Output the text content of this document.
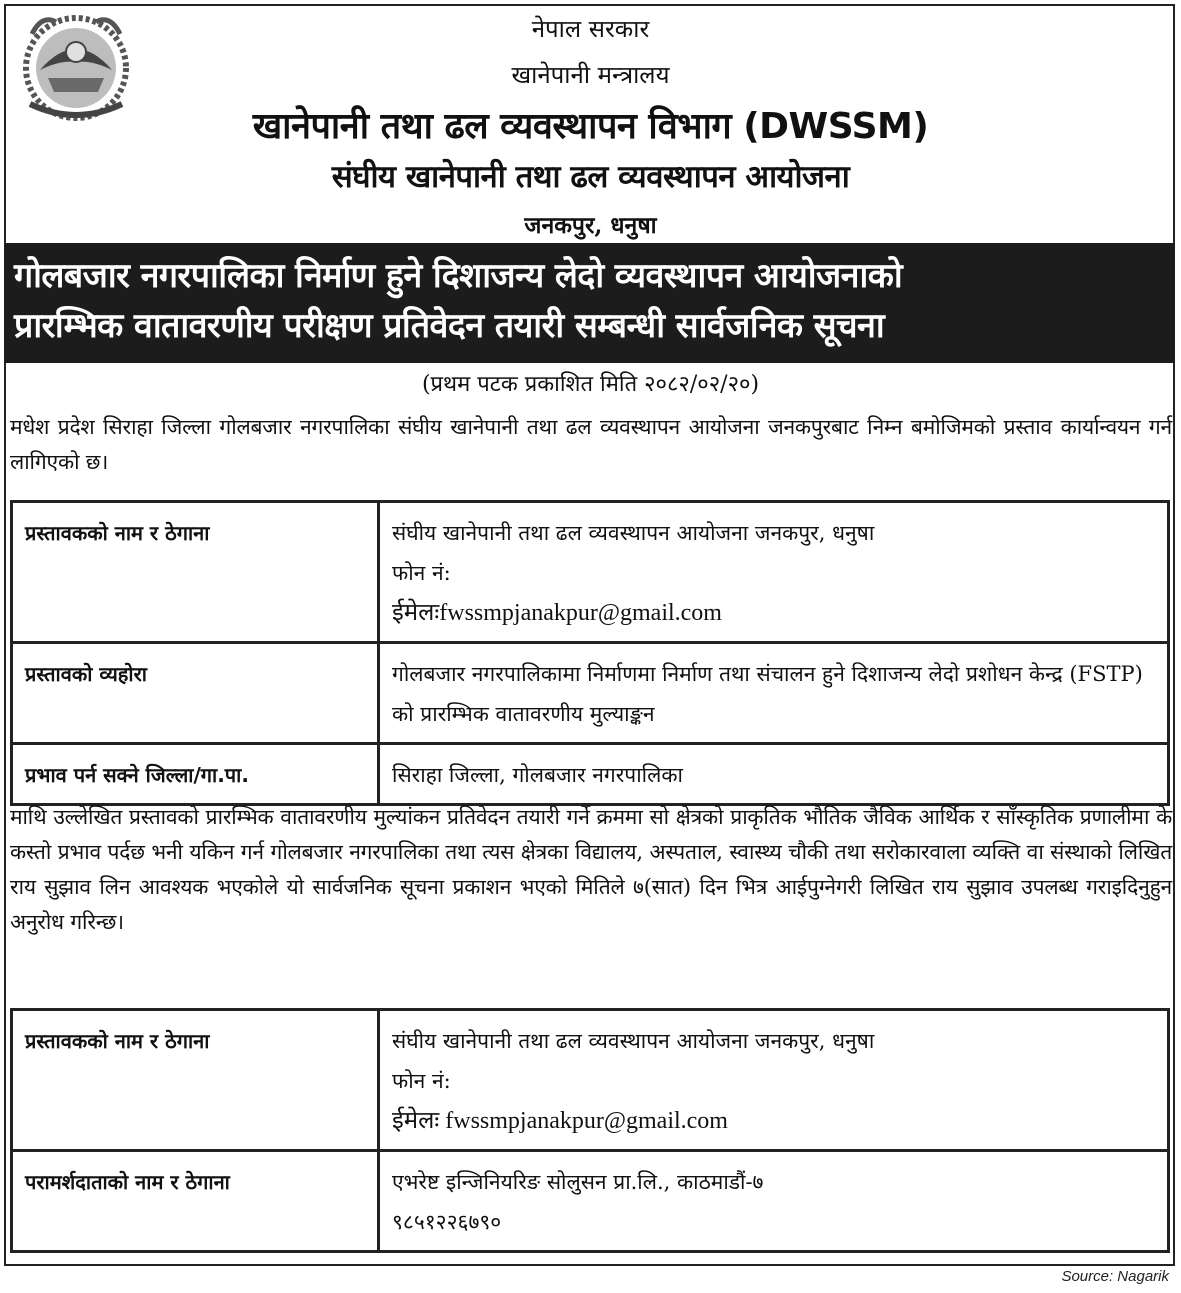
नेपाल सरकार
खानेपानी मन्त्रालय
खानेपानी तथा ढल व्यवस्थापन विभाग (DWSSM)
संघीय खानेपानी तथा ढल व्यवस्थापन आयोजना
जनकपुर, धनुषा
गोलबजार नगरपालिका निर्माण हुने दिशाजन्य लेदो व्यवस्थापन आयोजनाको
प्रारम्भिक वातावरणीय परीक्षण प्रतिवेदन तयारी सम्बन्धी सार्वजनिक सूचना
(प्रथम पटक प्रकाशित मिति २०८२/०२/२०)
मधेश प्रदेश सिराहा जिल्ला गोलबजार नगरपालिका संघीय खानेपानी तथा ढल व्यवस्थापन आयोजना जनकपुरबाट निम्न बमोजिमको प्रस्ताव कार्यान्वयन गर्न लागिएको छ।
प्रस्तावकको नाम र ठेगाना	संघीय खानेपानी तथा ढल व्यवस्थापन आयोजना जनकपुर, धनुषा
फोन नं:
ईमेलःfwssmpjanakpur@gmail.com

प्रस्तावको व्यहोरा	गोलबजार नगरपालिकामा निर्माणमा निर्माण तथा संचालन हुने दिशाजन्य लेदो प्रशोधन केन्द्र (FSTP) को प्रारम्भिक वातावरणीय मुल्याङ्कन
प्रभाव पर्न सक्ने जिल्ला/गा.पा.	सिराहा जिल्ला, गोलबजार नगरपालिका
माथि उल्लेखित प्रस्तावको प्रारम्भिक वातावरणीय मुल्यांकन प्रतिवेदन तयारी गर्ने क्रममा सो क्षेत्रको प्राकृतिक भौतिक जैविक आर्थिक र साँस्कृतिक प्रणालीमा के कस्तो प्रभाव पर्दछ भनी यकिन गर्न गोलबजार नगरपालिका तथा त्यस क्षेत्रका विद्यालय, अस्पताल, स्वास्थ्य चौकी तथा सरोकारवाला व्यक्ति वा संस्थाको लिखित राय सुझाव लिन आवश्यक भएकोले यो सार्वजनिक सूचना प्रकाशन भएको मितिले ७(सात) दिन भित्र आईपुग्नेगरी लिखित राय सुझाव उपलब्ध गराइदिनुहुन अनुरोध गरिन्छ।
प्रस्तावकको नाम र ठेगाना	संघीय खानेपानी तथा ढल व्यवस्थापन आयोजना जनकपुर, धनुषा
फोन नं:
ईमेलः fwssmpjanakpur@gmail.com

परामर्शदाताको नाम र ठेगाना	एभरेष्ट इन्जिनियरिङ सोलुसन प्रा.लि., काठमाडौं-७
९८५१२२६७९०
Source: Nagarik
